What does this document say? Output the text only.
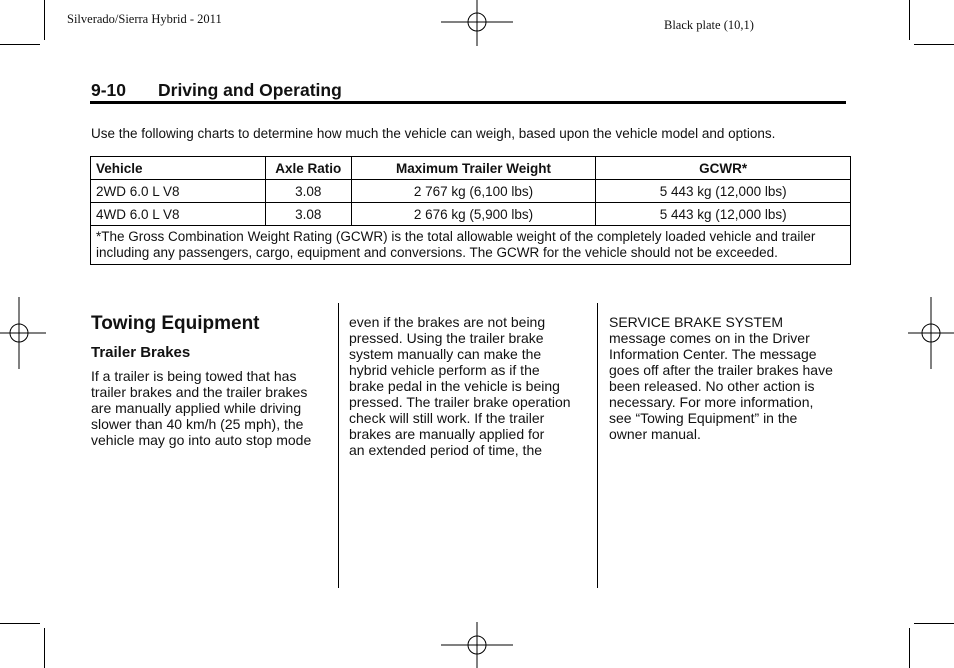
Silverado/Sierra Hybrid - 2011	Black plate (10,1)
9-10 Driving and Operating
Use the following charts to determine how much the vehicle can weigh, based upon the vehicle model and options.
Vehicle	Axle Ratio	Maximum Trailer Weight	GCWR*
2WD 6.0 L V8	3.08	2 767 kg (6,100 lbs)	5 443 kg (12,000 lbs)
4WD 6.0 L V8	3.08	2 676 kg (5,900 lbs)	5 443 kg (12,000 lbs)
*The Gross Combination Weight Rating (GCWR) is the total allowable weight of the completely loaded vehicle and trailer including any passengers, cargo, equipment and conversions. The GCWR for the vehicle should not be exceeded.			
Towing Equipment
Trailer Brakes

If a trailer is being towed that has

trailer brakes and the trailer brakes

are manually applied while driving

slower than 40 km/h (25 mph), the

vehicle may go into auto stop mode

even if the brakes are not being

pressed. Using the trailer brake

system manually can make the

hybrid vehicle perform as if the

brake pedal in the vehicle is being

pressed. The trailer brake operation

check will still work. If the trailer

brakes are manually applied for

an extended period of time, the

SERVICE BRAKE SYSTEM

message comes on in the Driver

Information Center. The message

goes off after the trailer brakes have

been released. No other action is

necessary. For more information,

see “Towing Equipment” in the

owner manual.
